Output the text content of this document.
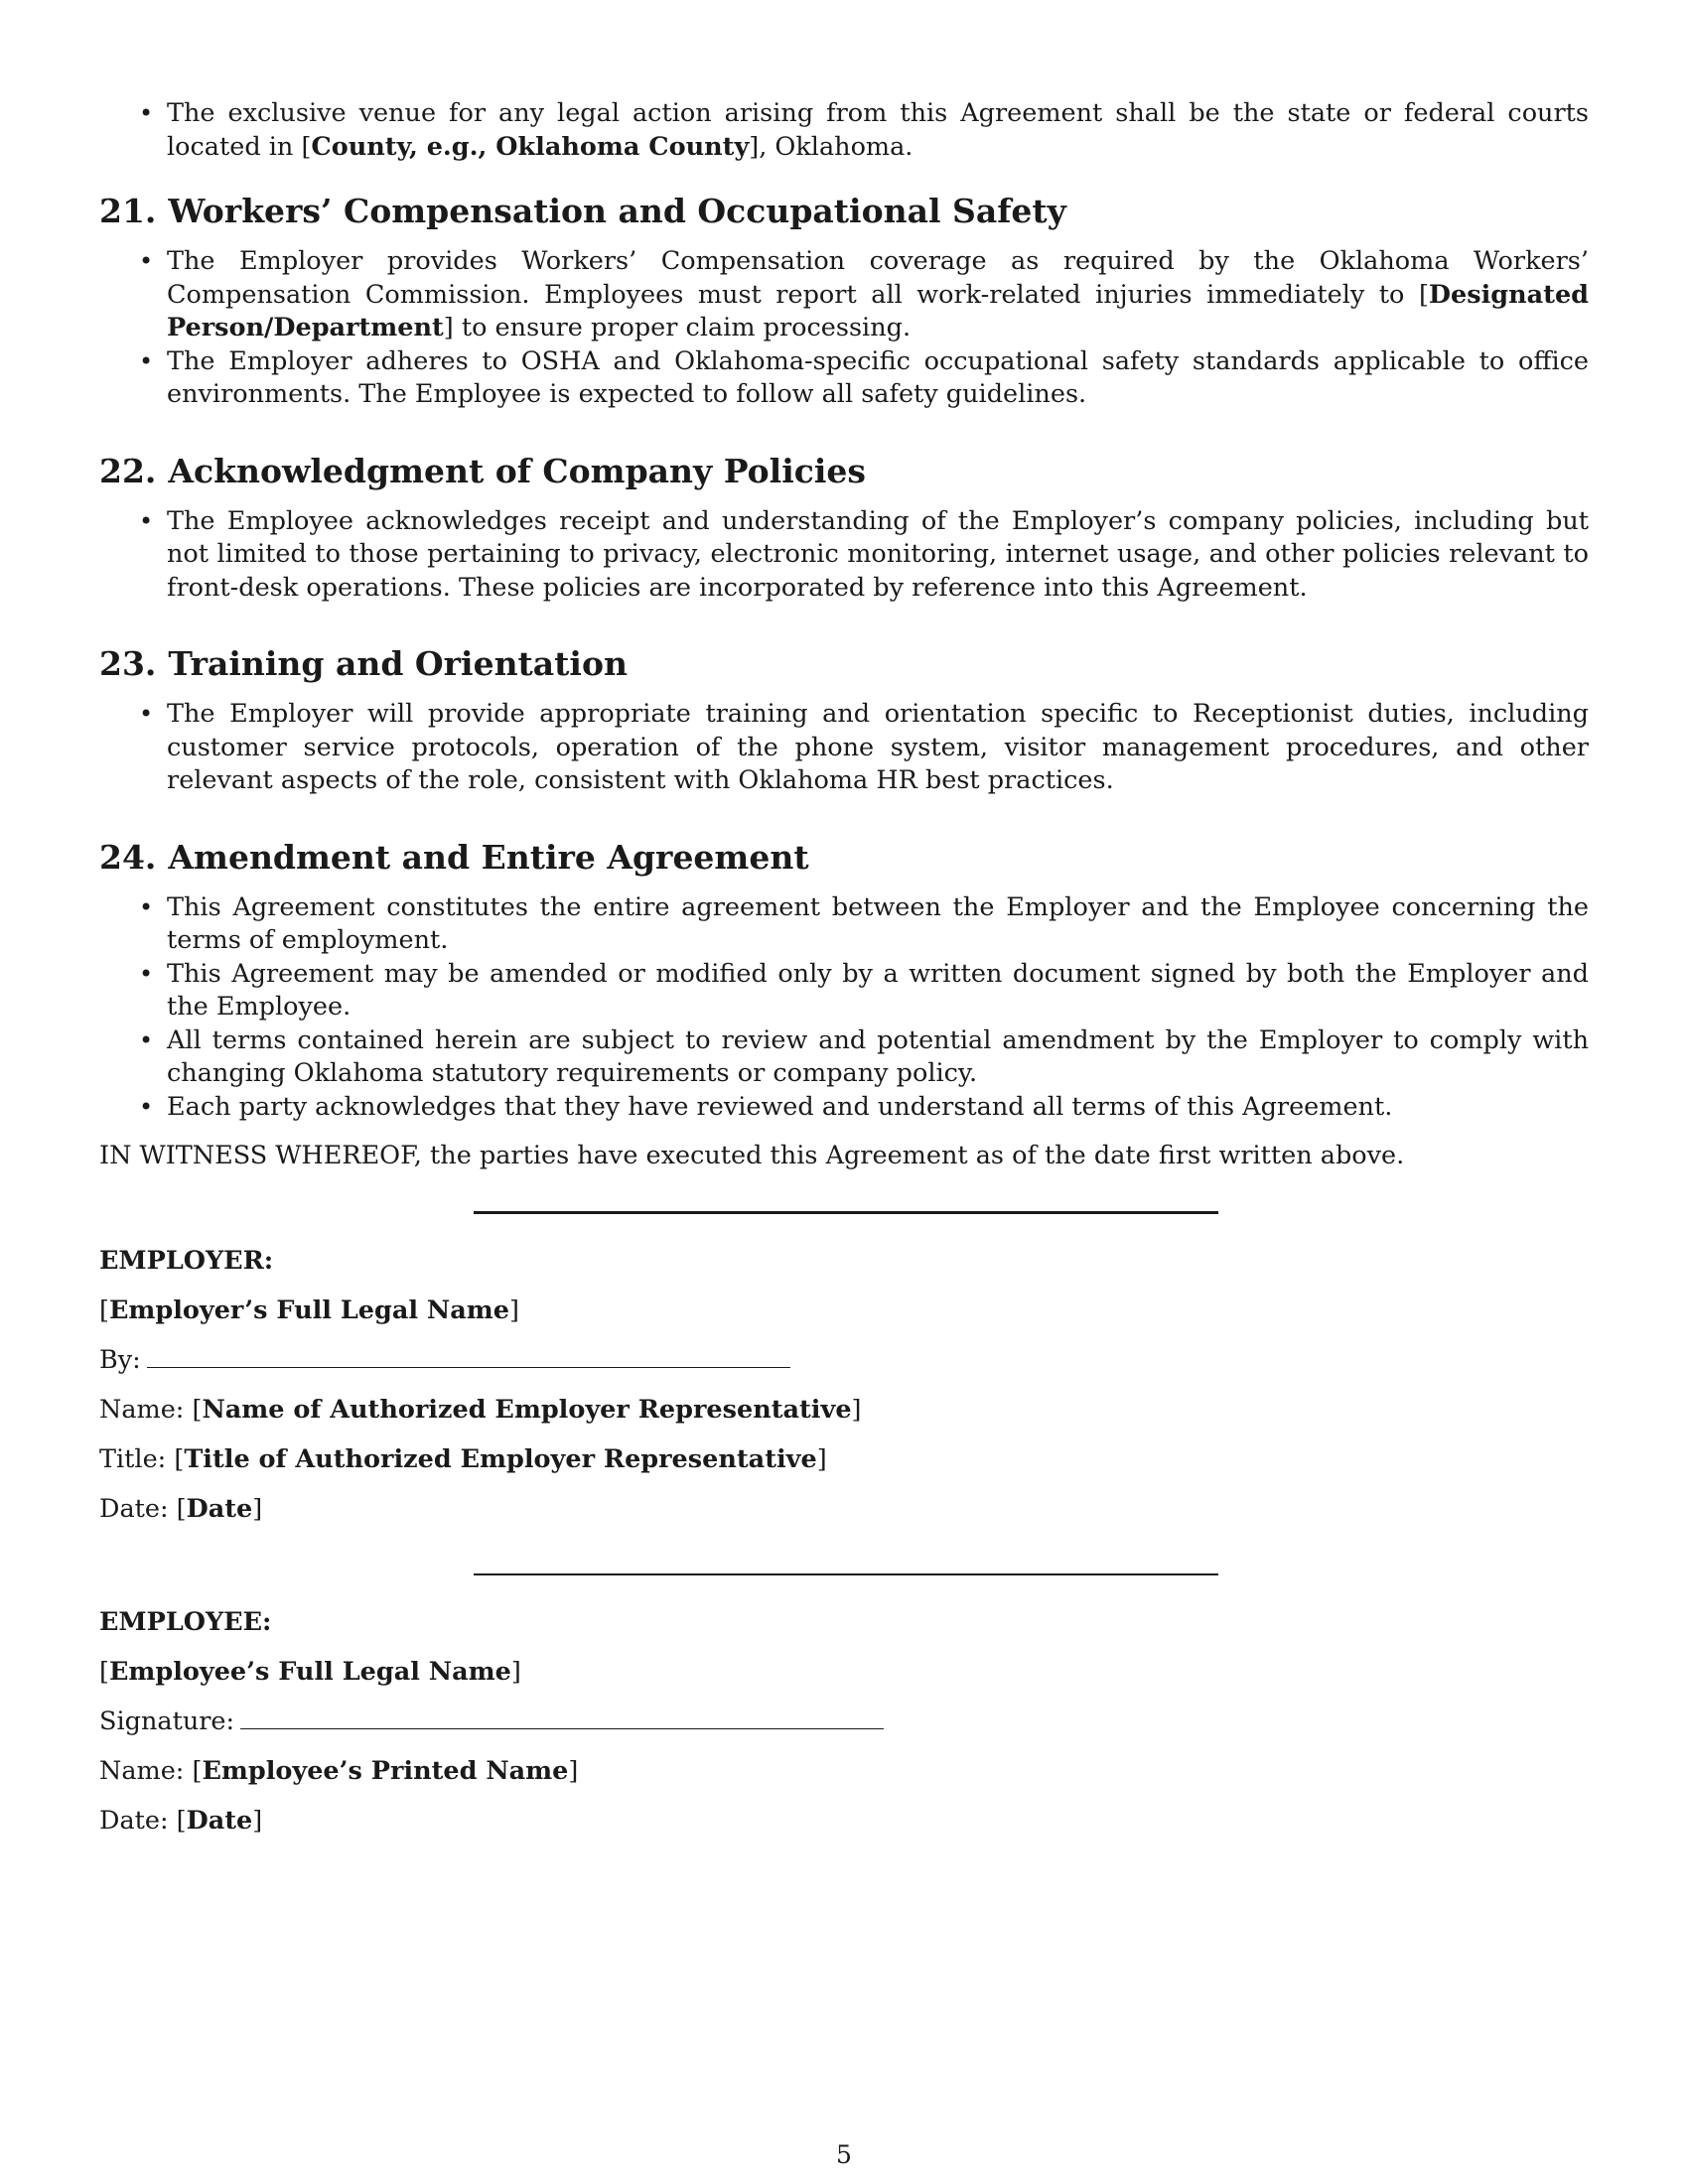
• The exclusive venue for any legal action arising from this Agreement shall be the state or federal courts located in [County, e.g., Oklahoma County], Oklahoma.
21. Workers’ Compensation and Occupational Safety
• The Employer provides Workers’ Compensation coverage as required by the Oklahoma Workers’ Compensation Commission. Employees must report all work-related injuries immediately to [Designated Person/Department] to ensure proper claim processing.
• The Employer adheres to OSHA and Oklahoma-specific occupational safety standards applicable to office environments. The Employee is expected to follow all safety guidelines.
22. Acknowledgment of Company Policies
• The Employee acknowledges receipt and understanding of the Employer’s company policies, including but not limited to those pertaining to privacy, electronic monitoring, internet usage, and other policies relevant to front-desk operations. These policies are incorporated by reference into this Agreement.
23. Training and Orientation
• The Employer will provide appropriate training and orientation specific to Receptionist duties, including customer service protocols, operation of the phone system, visitor management procedures, and other relevant aspects of the role, consistent with Oklahoma HR best practices.
24. Amendment and Entire Agreement
• This Agreement constitutes the entire agreement between the Employer and the Employee concerning the terms of employment.
• This Agreement may be amended or modified only by a written document signed by both the Employer and the Employee.
• All terms contained herein are subject to review and potential amendment by the Employer to comply with changing Oklahoma statutory requirements or company policy.
• Each party acknowledges that they have reviewed and understand all terms of this Agreement.
IN WITNESS WHEREOF, the parties have executed this Agreement as of the date first written above.
EMPLOYER:
[Employer’s Full Legal Name]
By:
Name: [Name of Authorized Employer Representative]
Title: [Title of Authorized Employer Representative]
Date: [Date]
EMPLOYEE:
[Employee’s Full Legal Name]
Signature:
Name: [Employee’s Printed Name]
Date: [Date]
5
